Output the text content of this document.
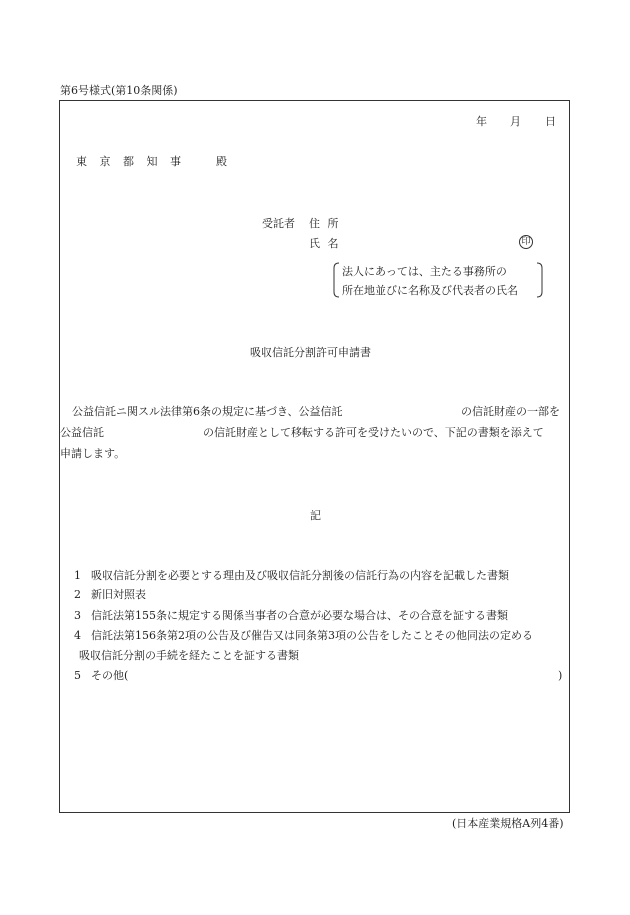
第6号様式(第10条関係)
年 月 日
東 京 都 知 事	殿
受託者 住 所
氏 名	印
法人にあっては、主たる事務所の
所在地並びに名称及び代表者の氏名
吸収信託分割許可申請書
公益信託ニ関スル法律第6条の規定に基づき、公益信託	の信託財産の一部を
公益信託	の信託財産として移転する許可を受けたいので、下記の書類を添えて
申請します。
記
1 吸収信託分割を必要とする理由及び吸収信託分割後の信託行為の内容を記載した書類
2 新旧対照表
3 信託法第155条に規定する関係当事者の合意が必要な場合は、その合意を証する書類
4 信託法第156条第2項の公告及び催告又は同条第3項の公告をしたことその他同法の定める
吸収信託分割の手続を経たことを証する書類
5 その他(	)
(日本産業規格A列4番)
